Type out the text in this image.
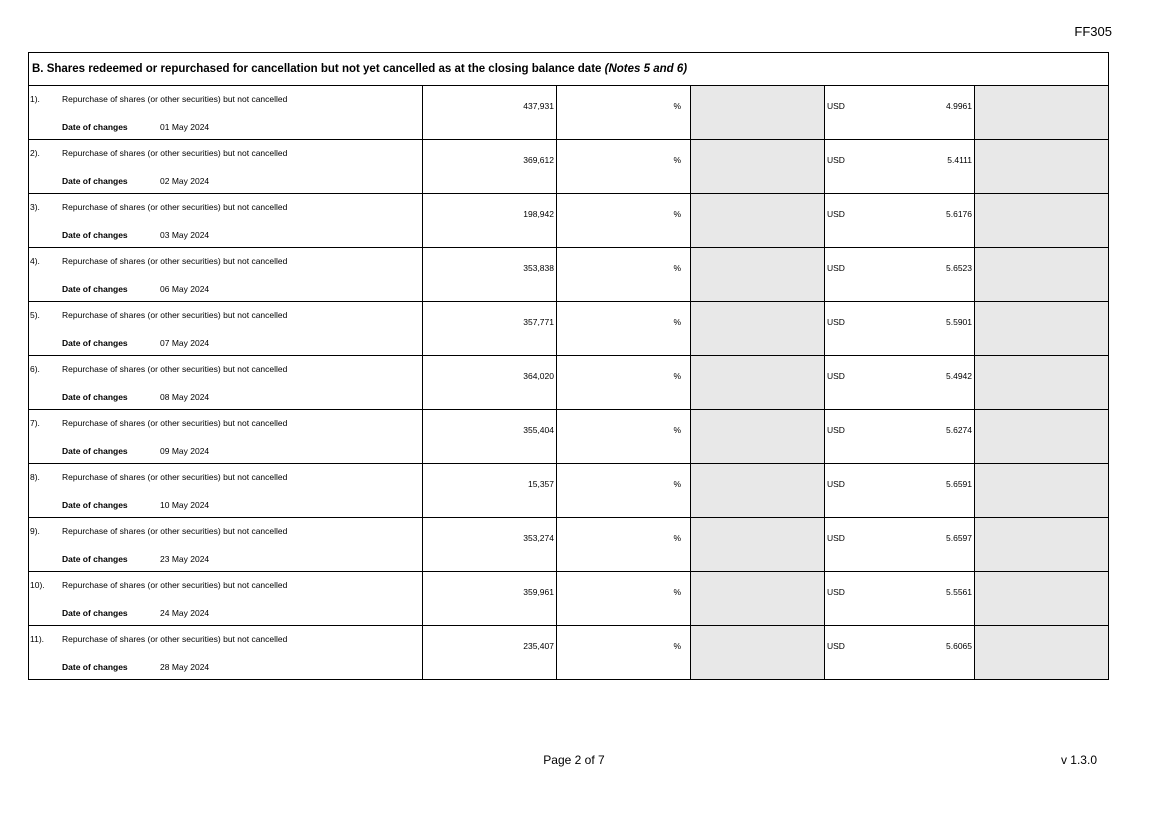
FF305
B. Shares redeemed or repurchased for cancellation but not yet cancelled as at the closing balance date (Notes 5 and 6)
1).	Repurchase of shares (or other securities) but not cancelled
Date of changes	01 May 2024
437,931	%	USD	4.9961
2).	Repurchase of shares (or other securities) but not cancelled
Date of changes	02 May 2024
369,612	%	USD	5.4111
3).	Repurchase of shares (or other securities) but not cancelled
Date of changes	03 May 2024
198,942	%	USD	5.6176
4).	Repurchase of shares (or other securities) but not cancelled
Date of changes	06 May 2024
353,838	%	USD	5.6523
5).	Repurchase of shares (or other securities) but not cancelled
Date of changes	07 May 2024
357,771	%	USD	5.5901
6).	Repurchase of shares (or other securities) but not cancelled
Date of changes	08 May 2024
364,020	%	USD	5.4942
7).	Repurchase of shares (or other securities) but not cancelled
Date of changes	09 May 2024
355,404	%	USD	5.6274
8).	Repurchase of shares (or other securities) but not cancelled
Date of changes	10 May 2024
15,357	%	USD	5.6591
9).	Repurchase of shares (or other securities) but not cancelled
Date of changes	23 May 2024
353,274	%	USD	5.6597
10). Repurchase of shares (or other securities) but not cancelled
Date of changes	24 May 2024
359,961	%	USD	5.5561
11). Repurchase of shares (or other securities) but not cancelled
Date of changes	28 May 2024
235,407	%	USD	5.6065
Page 2 of 7	v 1.3.0
